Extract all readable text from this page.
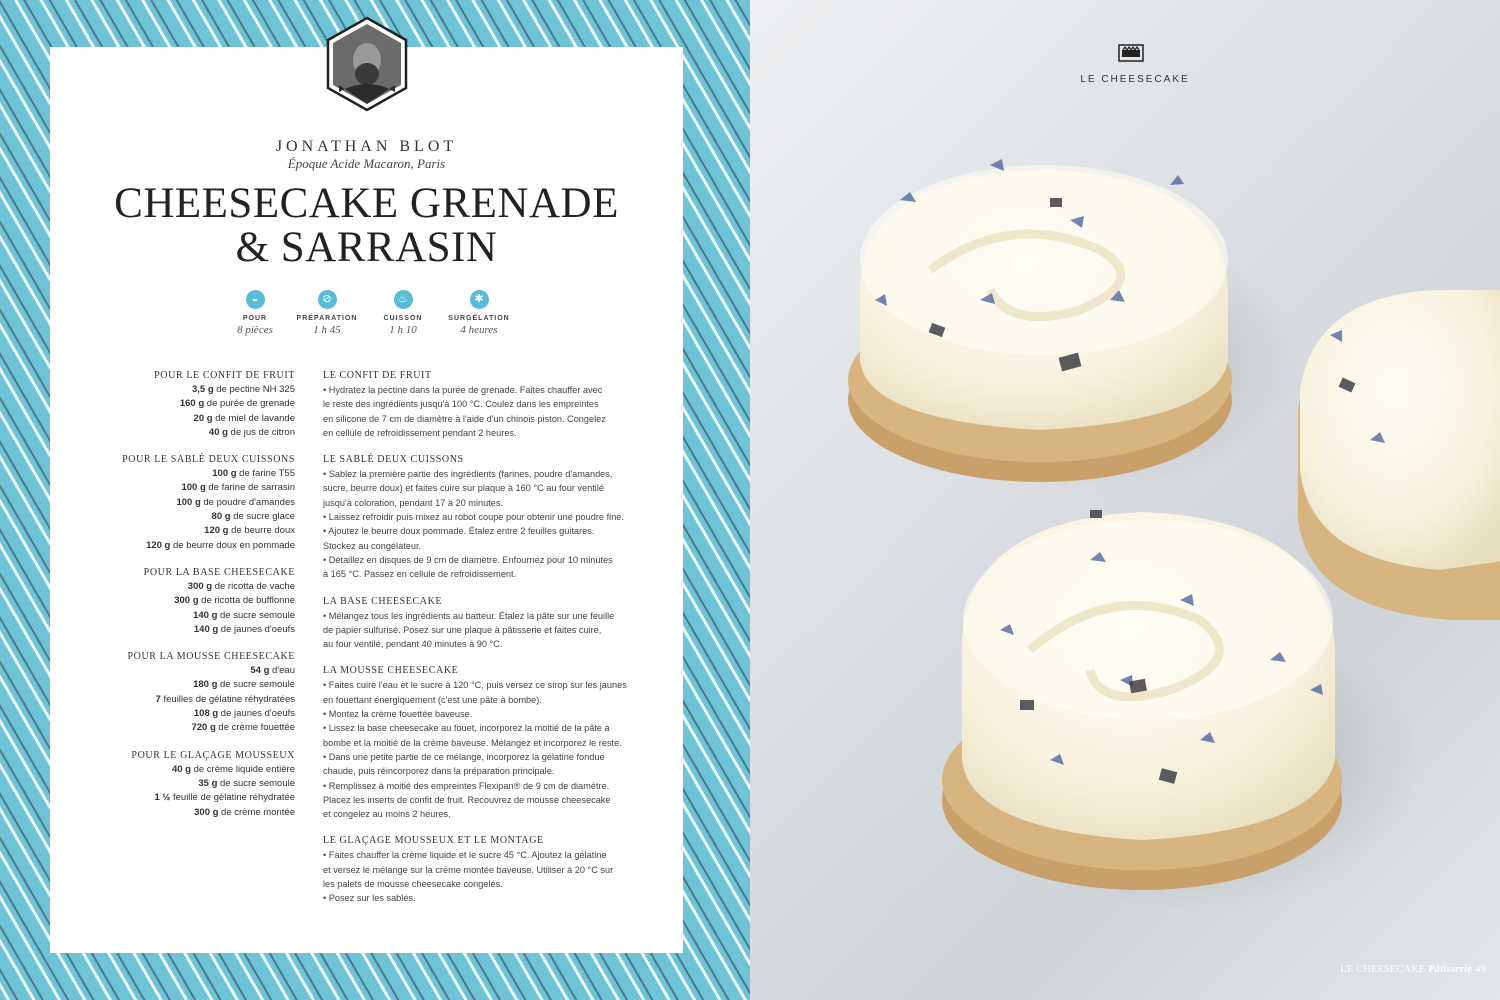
JONATHAN BLOT
Époque Acide Macaron, Paris
CHEESECAKE GRENADE
& SARRASIN
◒
POUR
8 pièces
⊘
PRÉPARATION
1 h 45
♨
CUISSON
1 h 10
✱
SURGÉLATION
4 heures
POUR LE CONFIT DE FRUIT
3,5 g de pectine NH 325
160 g de purée de grenade
20 g de miel de lavande
40 g de jus de citron
POUR LE SABLÉ DEUX CUISSONS
100 g de farine T55
100 g de farine de sarrasin
100 g de poudre d'amandes
80 g de sucre glace
120 g de beurre doux
120 g de beurre doux en pommade
POUR LA BASE CHEESECAKE
300 g de ricotta de vache
300 g de ricotta de bufflonne
140 g de sucre semoule
140 g de jaunes d'oeufs
POUR LA MOUSSE CHEESECAKE
54 g d'eau
180 g de sucre semoule
7 feuilles de gélatine réhydratées
108 g de jaunes d'oeufs
720 g de crème fouettée
POUR LE GLAÇAGE MOUSSEUX
40 g de crème liquide entière
35 g de sucre semoule
1 ½ feuille de gélatine réhydratée
300 g de crème montée
LE CONFIT DE FRUIT
• Hydratez la pectine dans la purée de grenade. Faites chauffer avec
le reste des ingrédients jusqu'à 100 °C. Coulez dans les empreintes
en silicone de 7 cm de diamètre à l'aide d'un chinois piston. Congelez
en cellule de refroidissement pendant 2 heures.
LE SABLÉ DEUX CUISSONS
• Sablez la première partie des ingrédients (farines, poudre d'amandes,
sucre, beurre doux) et faites cuire sur plaque à 160 °C au four ventilé
jusqu'à coloration, pendant 17 à 20 minutes.
• Laissez refroidir puis mixez au robot coupe pour obtenir une poudre fine.
• Ajoutez le beurre doux pommade. Étalez entre 2 feuilles guitares.
Stockez au congélateur.
• Détaillez en disques de 9 cm de diamètre. Enfournez pour 10 minutes
à 165 °C. Passez en cellule de refroidissement.
LA BASE CHEESECAKE
• Mélangez tous les ingrédients au batteur. Étalez la pâte sur une feuille
de papier sulfurisé. Posez sur une plaque à pâtisserie et faites cuire,
au four ventilé, pendant 40 minutes à 90 °C.
LA MOUSSE CHEESECAKE
• Faites cuire l'eau et le sucre à 120 °C, puis versez ce sirop sur les jaunes
en fouettant énergiquement (c'est une pâte à bombe).
• Montez la crème fouettée baveuse.
• Lissez la base cheesecake au fouet, incorporez la moitié de la pâte à
bombe et la moitié de la crème baveuse. Mélangez et incorporez le reste.
• Dans une petite partie de ce mélange, incorporez la gélatine fondue
chaude, puis réincorporez dans la préparation principale.
• Remplissez à moitié des empreintes Flexipan® de 9 cm de diamètre.
Placez les inserts de confit de fruit. Recouvrez de mousse cheesecake
et congelez au moins 2 heures.
LE GLAÇAGE MOUSSEUX ET LE MONTAGE
• Faites chauffer la crème liquide et le sucre 45 °C. Ajoutez la gélatine
et versez le mélange sur la crème montée baveuse. Utiliser à 20 °C sur
les palets de mousse cheesecake congelés.
• Posez sur les sablés.
LE CHEESECAKE
LE CHEESECAKE Pâtisserie 49
